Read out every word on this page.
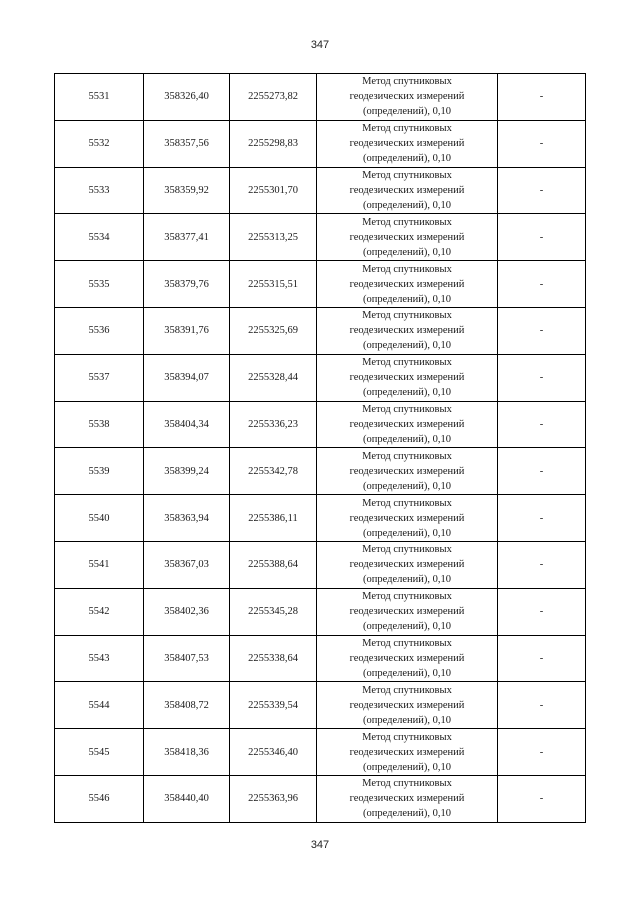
347
5531	358326,40	2255273,82	Метод спутниковых
геодезических измерений
(определений), 0,10	-
5532	358357,56	2255298,83	Метод спутниковых
геодезических измерений
(определений), 0,10	-
5533	358359,92	2255301,70	Метод спутниковых
геодезических измерений
(определений), 0,10	-
5534	358377,41	2255313,25	Метод спутниковых
геодезических измерений
(определений), 0,10	-
5535	358379,76	2255315,51	Метод спутниковых
геодезических измерений
(определений), 0,10	-
5536	358391,76	2255325,69	Метод спутниковых
геодезических измерений
(определений), 0,10	-
5537	358394,07	2255328,44	Метод спутниковых
геодезических измерений
(определений), 0,10	-
5538	358404,34	2255336,23	Метод спутниковых
геодезических измерений
(определений), 0,10	-
5539	358399,24	2255342,78	Метод спутниковых
геодезических измерений
(определений), 0,10	-
5540	358363,94	2255386,11	Метод спутниковых
геодезических измерений
(определений), 0,10	-
5541	358367,03	2255388,64	Метод спутниковых
геодезических измерений
(определений), 0,10	-
5542	358402,36	2255345,28	Метод спутниковых
геодезических измерений
(определений), 0,10	-
5543	358407,53	2255338,64	Метод спутниковых
геодезических измерений
(определений), 0,10	-
5544	358408,72	2255339,54	Метод спутниковых
геодезических измерений
(определений), 0,10	-
5545	358418,36	2255346,40	Метод спутниковых
геодезических измерений
(определений), 0,10	-
5546	358440,40	2255363,96	Метод спутниковых
геодезических измерений
(определений), 0,10	-
347
